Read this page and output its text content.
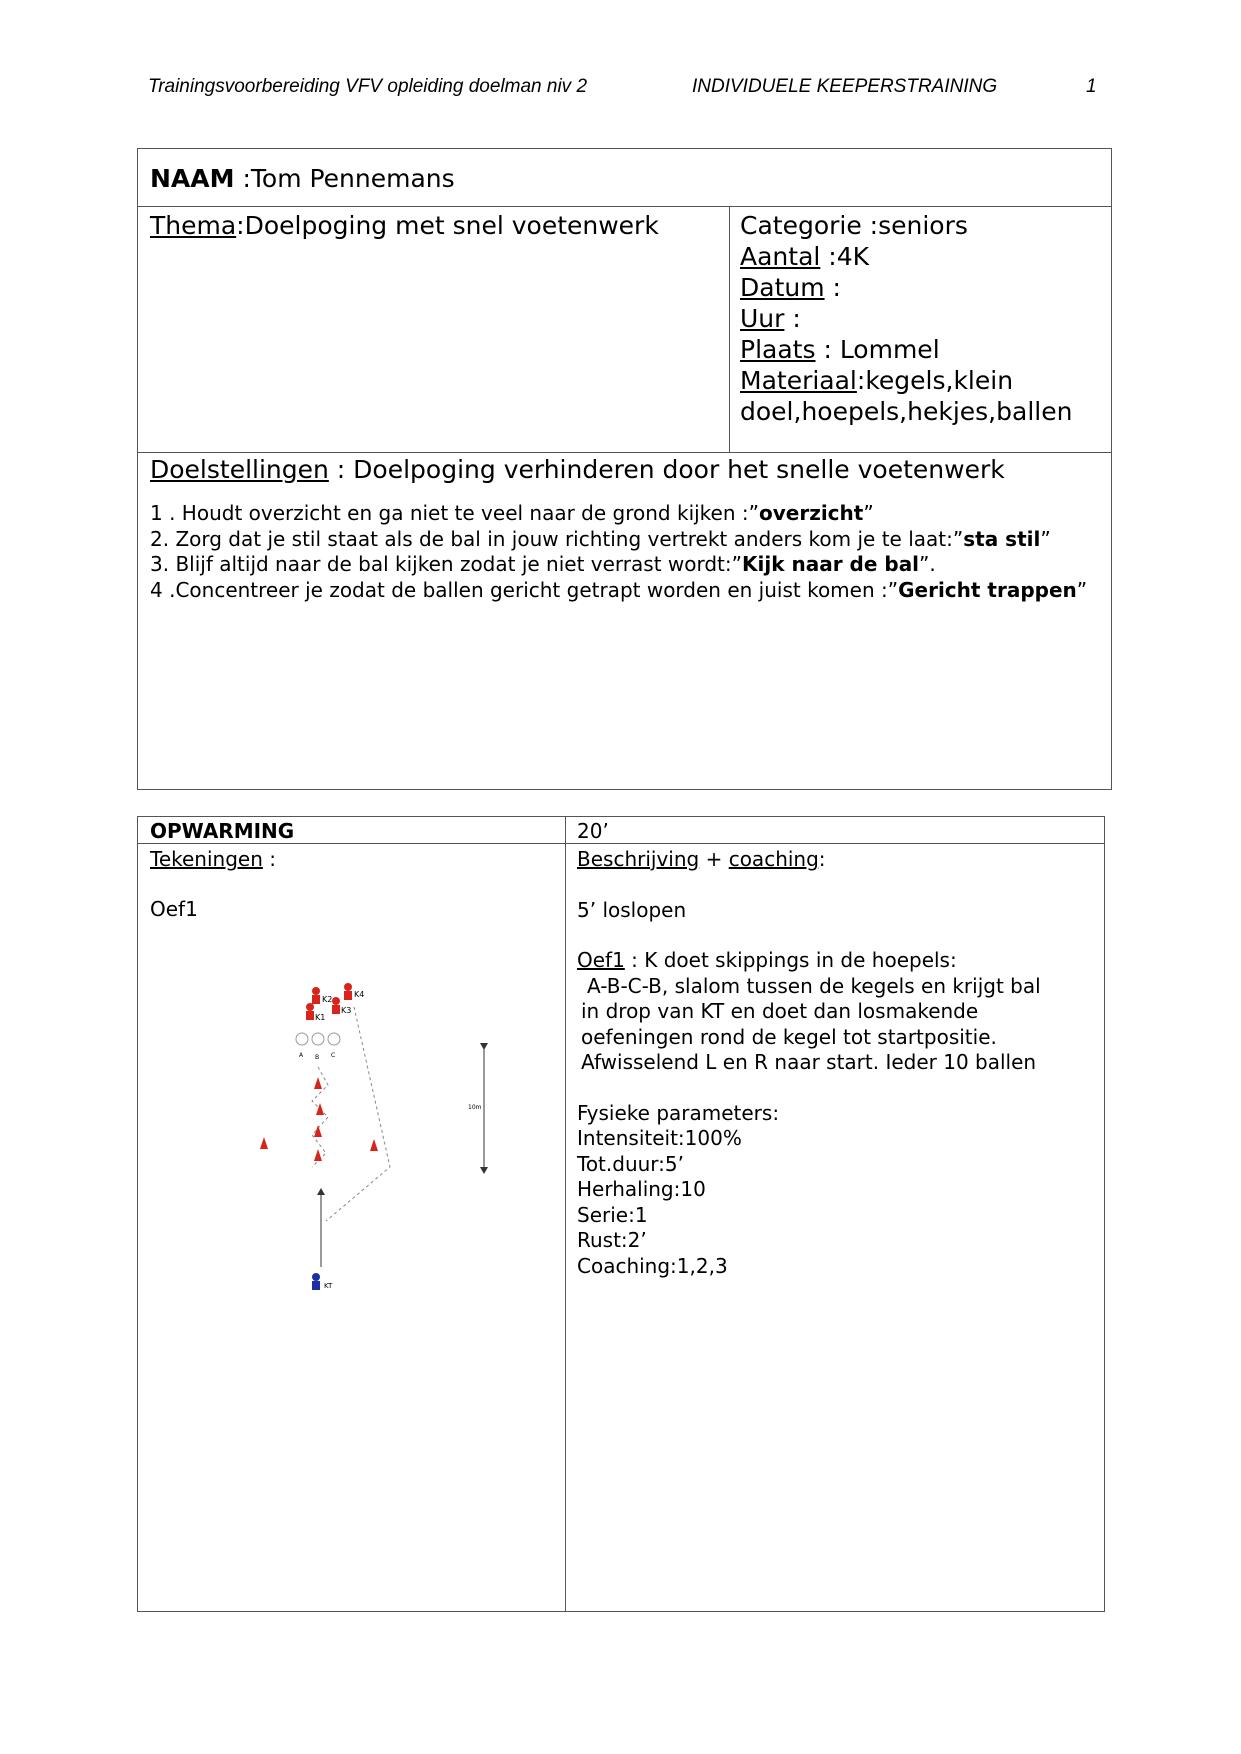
Trainingsvoorbereiding VFV opleiding doelman niv 2	INDIVIDUELE KEEPERSTRAINING	1
NAAM :Tom Pennemans
Thema:Doelpoging met snel voetenwerk	Categorie :seniors
Aantal :4K
Datum :
Uur :
Plaats : Lommel
Materiaal:kegels,klein doel,hoepels,hekjes,ballen
Doelstellingen : Doelpoging verhinderen door het snelle voetenwerk
1 . Houdt overzicht en ga niet te veel naar de grond kijken :”overzicht”
2. Zorg dat je stil staat als de bal in jouw richting vertrekt anders kom je te laat:”sta stil”
3. Blijf altijd naar de bal kijken zodat je niet verrast wordt:”Kijk naar de bal”.
4 .Concentreer je zodat de ballen gericht getrapt worden en juist komen :”Gericht trappen”
OPWARMING	20’
Tekeningen :
Oef1
K2
K4
K1
K3
A B C
10m
KT
Beschrijving + coaching:
5’ loslopen
Oef1 : K doet skippings in de hoepels:
A-B-C-B, slalom tussen de kegels en krijgt bal
in drop van KT en doet dan losmakende
oefeningen rond de kegel tot startpositie.
Afwisselend L en R naar start. Ieder 10 ballen
Fysieke parameters:
Intensiteit:100%
Tot.duur:5’
Herhaling:10
Serie:1
Rust:2’
Coaching:1,2,3
